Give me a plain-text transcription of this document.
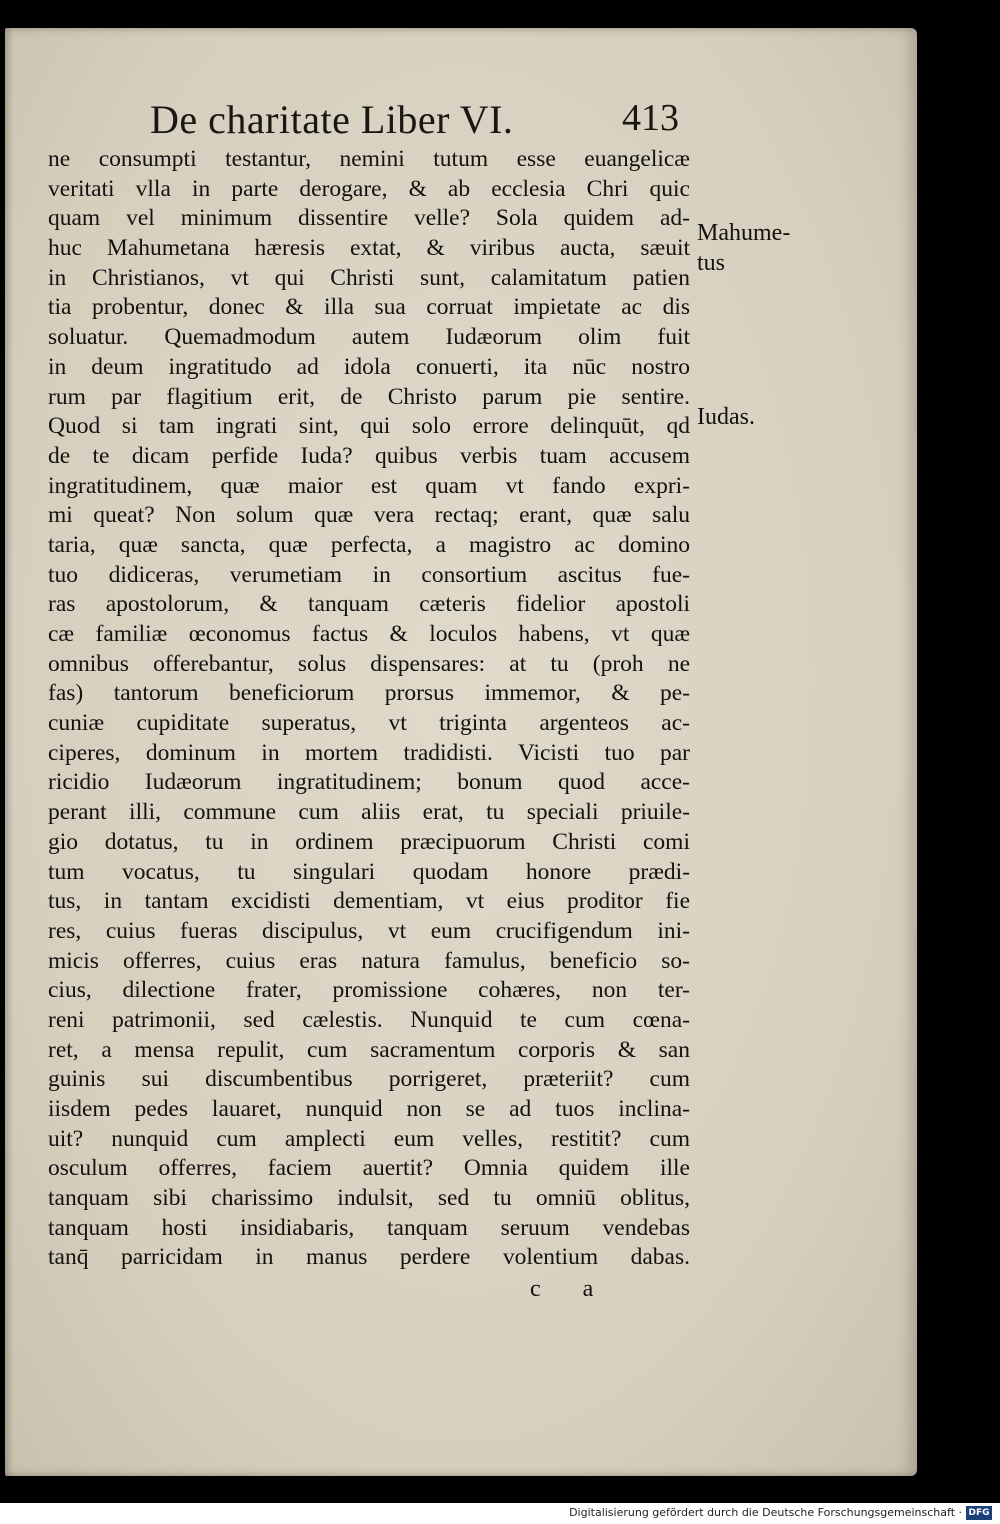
De charitate Liber VI.	413
ne consumpti testantur, nemini tutum esse euangelicæ
veritati vlla in parte derogare, & ab ecclesia Chri quic
quam vel minimum dissentire velle? Sola quidem ad-
huc Mahumetana hæresis extat, & viribus aucta, sæuit
in Christianos, vt qui Christi sunt, calamitatum patien
tia probentur, donec & illa sua corruat impietate ac dis
soluatur. Quemadmodum autem Iudæorum olim fuit
in deum ingratitudo ad idola conuerti, ita nūc nostro
rum par flagitium erit, de Christo parum pie sentire.
Quod si tam ingrati sint, qui solo errore delinquūt, qd
de te dicam perfide Iuda? quibus verbis tuam accusem
ingratitudinem, quæ maior est quam vt fando expri-
mi queat? Non solum quæ vera rectaq; erant, quæ salu
taria, quæ sancta, quæ perfecta, a magistro ac domino
tuo didiceras, verumetiam in consortium ascitus fue-
ras apostolorum, & tanquam cæteris fidelior apostoli
cæ familiæ œconomus factus & loculos habens, vt quæ
omnibus offerebantur, solus dispensares: at tu (proh ne
fas) tantorum beneficiorum prorsus immemor, & pe-
cuniæ cupiditate superatus, vt triginta argenteos ac-
ciperes, dominum in mortem tradidisti. Vicisti tuo par
ricidio Iudæorum ingratitudinem; bonum quod acce-
perant illi, commune cum aliis erat, tu speciali priuile-
gio dotatus, tu in ordinem præcipuorum Christi comi
tum vocatus, tu singulari quodam honore prædi-
tus, in tantam excidisti dementiam, vt eius proditor fie
res, cuius fueras discipulus, vt eum crucifigendum ini-
micis offerres, cuius eras natura famulus, beneficio so-
cius, dilectione frater, promissione cohæres, non ter-
reni patrimonii, sed cælestis. Nunquid te cum cœna-
ret, a mensa repulit, cum sacramentum corporis & san
guinis sui discumbentibus porrigeret, præteriit? cum
iisdem pedes lauaret, nunquid non se ad tuos inclina-
uit? nunquid cum amplecti eum velles, restitit? cum
osculum offerres, faciem auertit? Omnia quidem ille
tanquam sibi charissimo indulsit, sed tu omniū oblitus,
tanquam hosti insidiabaris, tanquam seruum vendebas
tanq̄ parricidam in manus perdere volentium dabas.
Mahume-
tus
Iudas.
c a
Digitalisierung gefördert durch die Deutsche Forschungsgemeinschaft · DFG
